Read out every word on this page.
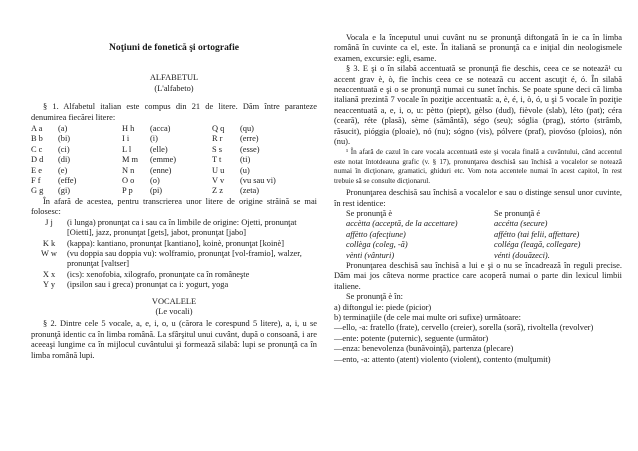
Noţiuni de fonetică şi ortografie
ALFABETUL
(L'alfabeto)
§ 1. Alfabetul italian este compus din 21 de litere. Dăm între paranteze denumirea fiecărei litere:
A a	(a)	H h	(acca)	Q q	(qu)
B b	(bi)	I i	(i)	R r	(erre)
C c	(ci)	L l	(elle)	S s	(esse)
D d	(di)	M m	(emme)	T t	(ti)
E e	(e)	N n	(enne)	U u	(u)
F f	(effe)	O o	(o)	V v	(vu sau vi)
G g	(gi)	P p	(pi)	Z z	(zeta)
În afară de acestea, pentru transcrierea unor litere de origine străină se mai folosesc:
J j	(i lunga) pronunţat ca i sau ca în limbile de origine: Ojetti, pronunţat [Oietti], jazz, pronunţat [gets], jabot, pronunţat [jabo]
K k	(kappa): kantiano, pronunţat [kantiano], koinè, pronunţat [koinè]
W w	(vu doppia sau doppia vu): wolframio, pronunţat [vol-framio], walzer, pronunţat [valtser]
X x	(ics): xenofobia, xilografo, pronunţate ca în româneşte
Y y	(ipsilon sau i greca) pronunţat ca i: yogurt, yoga
VOCALELE
(Le vocali)
§ 2. Dintre cele 5 vocale, a, e, i, o, u (cărora le corespund 5 litere), a, i, u se pronunţă identic ca în limba română. La sfârşitul unui cuvânt, după o consoană, i are aceeaşi lungime ca în mijlocul cuvântului şi formează silabă: lupi se pronunţă ca în limba română lupi.
Vocala e la începutul unui cuvânt nu se pronunţă diftongată în ie ca în limba română în cuvinte ca el, este. În italiană se pronunţă ca e iniţial din neologismele examen, excursie: egli, esame.
§ 3. E şi o în silabă accentuată se pronunţă fie deschis, ceea ce se notează¹ cu accent grav è, ò, fie închis ceea ce se notează cu accent ascuţit é, ó. În silabă neaccentuată e şi o se pronunţă numai cu sunet închis. Se poate spune deci că limba italiană prezintă 7 vocale în poziţie accentuată: a, è, é, i, ò, ó, u şi 5 vocale în poziţie neaccentuată a, e, i, o, u: pètto (piept), gèlso (dud), fièvole (slab), léto (pat); céra (ceară), réte (plasă), sème (sământă), ségo (seu); sóglia (prag), stórto (strâmb, răsucit), pióggia (ploaie), nó (nu); sógno (vis), pólvere (praf), piovóso (ploios), nón (nu).
¹ În afară de cazul în care vocala accentuată este şi vocala finală a cuvântului, când accentul este notat întotdeauna grafic (v. § 17), pronunţarea deschisă sau închisă a vocalelor se notează numai în dicţionare, gramatici, ghiduri etc. Vom nota accentele numai în acest capitol, în rest trebuie să se consulte dicţionarul.
Pronunţarea deschisă sau închisă a vocalelor e sau o distinge sensul unor cuvinte, în rest identice:
Se pronunţă è	Se pronunţă é
accètta (acceptă, de la accettare)	accétta (secure)
affètto (afecţiune)	affétto (tai felii, affettare)
collèga (coleg, -ă)	colléga (leagă, collegare)
vènti (vânturi)	vénti (douăzeci).
Pronunţarea deschisă sau închisă a lui e şi o nu se încadrează în reguli precise. Dăm mai jos câteva norme practice care acoperă numai o parte din lexicul limbii italiene.
Se pronunţă è în:
a) diftongul ie: piede (picior)
b) terminaţiile (de cele mai multe ori sufixe) următoare:
—ello, -a: fratello (frate), cervello (creier), sorella (soră), rivoltella (revolver)
—ente: potente (puternic), seguente (următor)
—enza: benevolenza (bunăvoinţă), partenza (plecare)
—ento, -a: attento (atent) violento (violent), contento (mulţumit)
